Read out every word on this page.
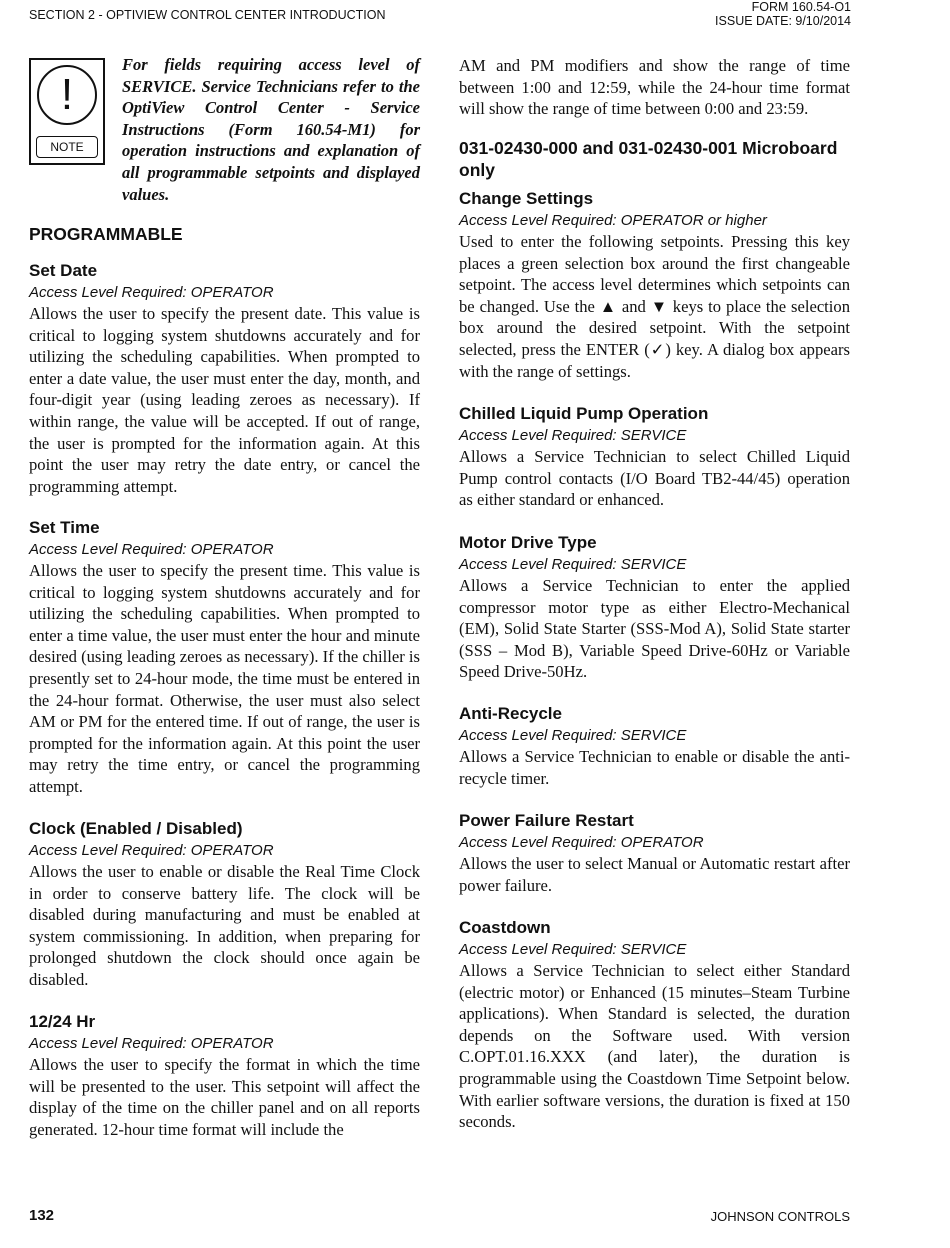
SECTION 2 - OPTIVIEW CONTROL CENTER INTRODUCTION
FORM 160.54-O1
ISSUE DATE: 9/10/2014
!
NOTE
For fields requiring access level of SERVICE. Service Technicians refer to the OptiView Control Center - Service Instructions (Form 160.54-M1) for operation instructions and explanation of all programmable setpoints and displayed values.
PROGRAMMABLE
Set Date

Access Level Required: OPERATOR

Allows the user to specify the present date. This value is critical to logging system shutdowns accurately and for utilizing the scheduling capabilities. When prompted to enter a date value, the user must enter the day, month, and four-digit year (using leading zeroes as necessary). If within range, the value will be accepted. If out of range, the user is prompted for the information again. At this point the user may retry the date entry, or cancel the programming attempt.

Set Time

Access Level Required: OPERATOR

Allows the user to specify the present time. This value is critical to logging system shutdowns accurately and for utilizing the scheduling capabilities. When prompted to enter a time value, the user must enter the hour and minute desired (using leading zeroes as necessary). If the chiller is presently set to 24-hour mode, the time must be entered in the 24-hour format. Otherwise, the user must also select AM or PM for the entered time. If out of range, the user is prompted for the information again. At this point the user may retry the time entry, or cancel the programming attempt.

Clock (Enabled / Disabled)

Access Level Required: OPERATOR

Allows the user to enable or disable the Real Time Clock in order to conserve battery life. The clock will be disabled during manufacturing and must be enabled at system commissioning. In addition, when preparing for prolonged shutdown the clock should once again be disabled.

12/24 Hr

Access Level Required: OPERATOR

Allows the user to specify the format in which the time will be presented to the user. This setpoint will affect the display of the time on the chiller panel and on all reports generated. 12-hour time format will include the

AM and PM modifiers and show the range of time between 1:00 and 12:59, while the 24-hour time format will show the range of time between 0:00 and 23:59.

031-02430-000 and 031-02430-001 Microboard only
Change Settings

Access Level Required: OPERATOR or higher

Used to enter the following setpoints. Pressing this key places a green selection box around the first changeable setpoint. The access level determines which setpoints can be changed. Use the ▲ and ▼ keys to place the selection box around the desired setpoint. With the setpoint selected, press the ENTER (✓) key. A dialog box appears with the range of settings.

Chilled Liquid Pump Operation

Access Level Required: SERVICE

Allows a Service Technician to select Chilled Liquid Pump control contacts (I/O Board TB2-44/45) operation as either standard or enhanced.

Motor Drive Type

Access Level Required: SERVICE

Allows a Service Technician to enter the applied compressor motor type as either Electro-Mechanical (EM), Solid State Starter (SSS-Mod A), Solid State starter (SSS – Mod B), Variable Speed Drive-60Hz or Variable Speed Drive-50Hz.

Anti-Recycle

Access Level Required: SERVICE

Allows a Service Technician to enable or disable the anti-recycle timer.

Power Failure Restart

Access Level Required: OPERATOR

Allows the user to select Manual or Automatic restart after power failure.

Coastdown

Access Level Required: SERVICE

Allows a Service Technician to select either Standard (electric motor) or Enhanced (15 minutes–Steam Turbine applications). When Standard is selected, the duration depends on the Software used. With version C.OPT.01.16.XXX (and later), the duration is programmable using the Coastdown Time Setpoint below. With earlier software versions, the duration is fixed at 150 seconds.

132	JOHNSON CONTROLS
